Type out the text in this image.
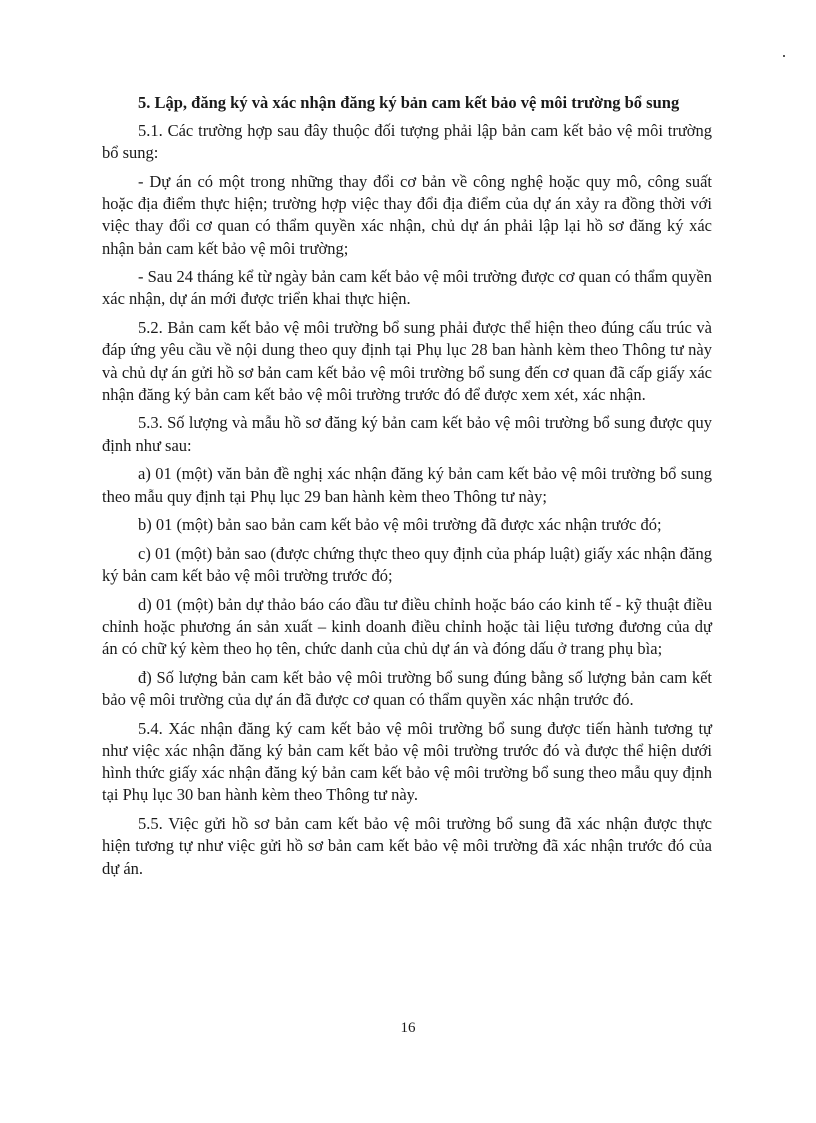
5. Lập, đăng ký và xác nhận đăng ký bản cam kết bảo vệ môi trường bổ sung

5.1. Các trường hợp sau đây thuộc đối tượng phải lập bản cam kết bảo vệ môi trường bổ sung:

- Dự án có một trong những thay đổi cơ bản về công nghệ hoặc quy mô, công suất hoặc địa điểm thực hiện; trường hợp việc thay đổi địa điểm của dự án xảy ra đồng thời với việc thay đổi cơ quan có thẩm quyền xác nhận, chủ dự án phải lập lại hồ sơ đăng ký xác nhận bản cam kết bảo vệ môi trường;

- Sau 24 tháng kể từ ngày bản cam kết bảo vệ môi trường được cơ quan có thẩm quyền xác nhận, dự án mới được triển khai thực hiện.

5.2. Bản cam kết bảo vệ môi trường bổ sung phải được thể hiện theo đúng cấu trúc và đáp ứng yêu cầu về nội dung theo quy định tại Phụ lục 28 ban hành kèm theo Thông tư này và chủ dự án gửi hồ sơ bản cam kết bảo vệ môi trường bổ sung đến cơ quan đã cấp giấy xác nhận đăng ký bản cam kết bảo vệ môi trường trước đó để được xem xét, xác nhận.

5.3. Số lượng và mẫu hồ sơ đăng ký bản cam kết bảo vệ môi trường bổ sung được quy định như sau:

a) 01 (một) văn bản đề nghị xác nhận đăng ký bản cam kết bảo vệ môi trường bổ sung theo mẫu quy định tại Phụ lục 29 ban hành kèm theo Thông tư này;

b) 01 (một) bản sao bản cam kết bảo vệ môi trường đã được xác nhận trước đó;

c) 01 (một) bản sao (được chứng thực theo quy định của pháp luật) giấy xác nhận đăng ký bản cam kết bảo vệ môi trường trước đó;

d) 01 (một) bản dự thảo báo cáo đầu tư điều chỉnh hoặc báo cáo kinh tế - kỹ thuật điều chỉnh hoặc phương án sản xuất – kinh doanh điều chỉnh hoặc tài liệu tương đương của dự án có chữ ký kèm theo họ tên, chức danh của chủ dự án và đóng dấu ở trang phụ bìa;

đ) Số lượng bản cam kết bảo vệ môi trường bổ sung đúng bằng số lượng bản cam kết bảo vệ môi trường của dự án đã được cơ quan có thẩm quyền xác nhận trước đó.

5.4. Xác nhận đăng ký cam kết bảo vệ môi trường bổ sung được tiến hành tương tự như việc xác nhận đăng ký bản cam kết bảo vệ môi trường trước đó và được thể hiện dưới hình thức giấy xác nhận đăng ký bản cam kết bảo vệ môi trường bổ sung theo mẫu quy định tại Phụ lục 30 ban hành kèm theo Thông tư này.

5.5. Việc gửi hồ sơ bản cam kết bảo vệ môi trường bổ sung đã xác nhận được thực hiện tương tự như việc gửi hồ sơ bản cam kết bảo vệ môi trường đã xác nhận trước đó của dự án.

16
